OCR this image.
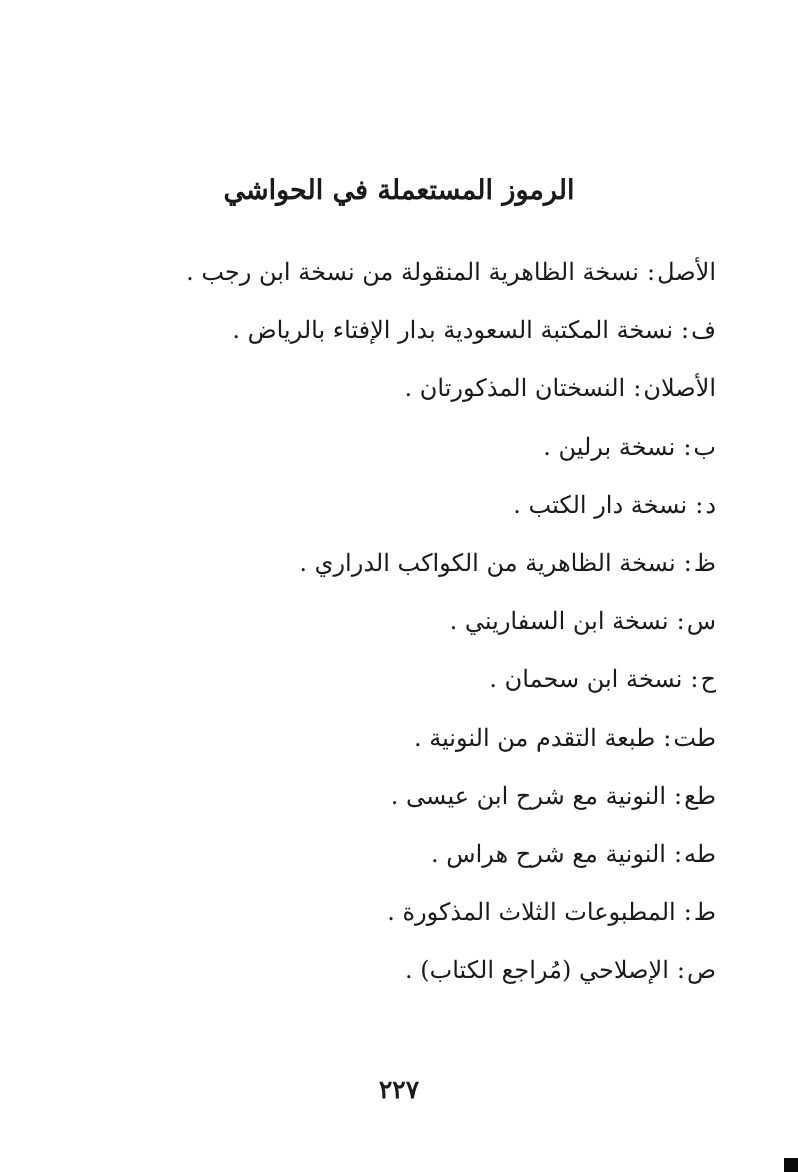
الرموز المستعملة في الحواشي
الأصل:نسخة الظاهرية المنقولة من نسخة ابن رجب .
ف:نسخة المكتبة السعودية بدار الإفتاء بالرياض .
الأصلان:النسختان المذكورتان .
ب:نسخة برلين .
د:نسخة دار الكتب .
ظ:نسخة الظاهرية من الكواكب الدراري .
س:نسخة ابن السفاريني .
ح:نسخة ابن سحمان .
طت:طبعة التقدم من النونية .
طع:النونية مع شرح ابن عيسى .
طه:النونية مع شرح هراس .
ط:المطبوعات الثلاث المذكورة .
ص:الإصلاحي (مُراجع الكتاب) .
٢٢٧
